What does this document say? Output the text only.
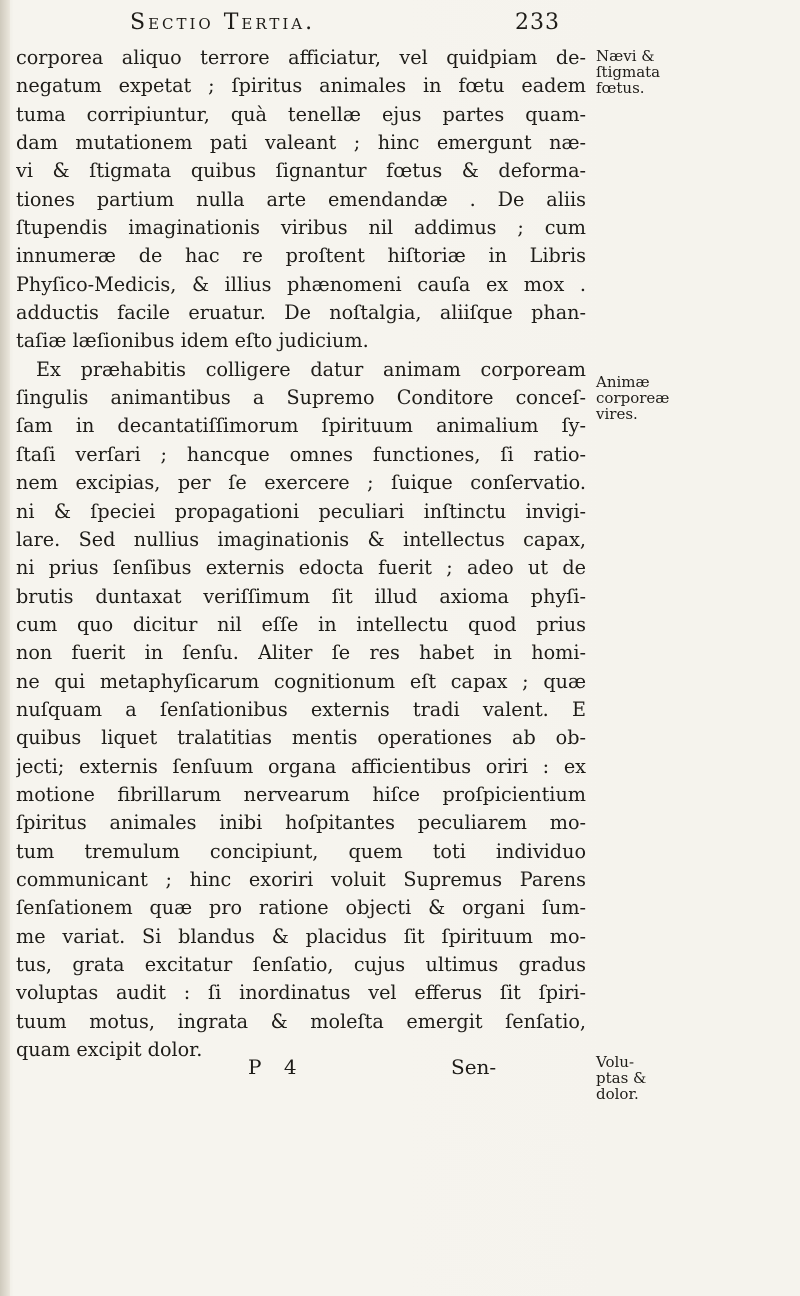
Sectio Tertia.	233
corporea aliquo terrore afficiatur, vel quidpiam de-
negatum expetat ; ſpiritus animales in fœtu eadem
tuma corripiuntur, quà tenellæ ejus partes quam-
dam mutationem pati valeant ; hinc emergunt næ-
vi & ſtigmata quibus ſignantur fœtus & deforma-
tiones partium nulla arte emendandæ . De aliis
ſtupendis imaginationis viribus nil addimus ; cum
innumeræ de hac re proſtent hiſtoriæ in Libris
Phyſico-Medicis, & illius phænomeni cauſa ex mox .
adductis facile eruatur. De noſtalgia, aliiſque phan-
taſiæ læſionibus idem eſto judicium.
Ex præhabitis colligere datur animam corpoream
ſingulis animantibus a Supremo Conditore conceſ-
ſam in decantatiſſimorum ſpirituum animalium ſy-
ſtaſi verſari ; hancque omnes functiones, ſi ratio-
nem excipias, per ſe exercere ; ſuique conſervatio.
ni & ſpeciei propagationi peculiari inſtinctu invigi-
lare. Sed nullius imaginationis & intellectus capax,
ni prius ſenſibus externis edocta fuerit ; adeo ut de
brutis duntaxat veriſſimum ſit illud axioma phyſi-
cum quo dicitur nil eſſe in intellectu quod prius
non fuerit in ſenſu. Aliter ſe res habet in homi-
ne qui metaphyſicarum cognitionum eſt capax ; quæ
nuſquam a ſenſationibus externis tradi valent. E
quibus liquet tralatitias mentis operationes ab ob-
jecti; externis ſenſuum organa afficientibus oriri : ex
motione fibrillarum nervearum hiſce proſpicientium
ſpiritus animales inibi hoſpitantes peculiarem mo-
tum tremulum concipiunt, quem toti individuo
communicant ; hinc exoriri voluit Supremus Parens
ſenſationem quæ pro ratione objecti & organi ſum-
me variat. Si blandus & placidus ſit ſpirituum mo-
tus, grata excitatur ſenſatio, cujus ultimus gradus
voluptas audit : ſi inordinatus vel efferus ſit ſpiri-
tuum motus, ingrata & moleſta emergit ſenſatio,
quam excipit dolor.
Nævi &
ſtigmata
fœtus.
Animæ
corporeæ
vires.
Volu-
ptas &
dolor.
P 4	Sen-
